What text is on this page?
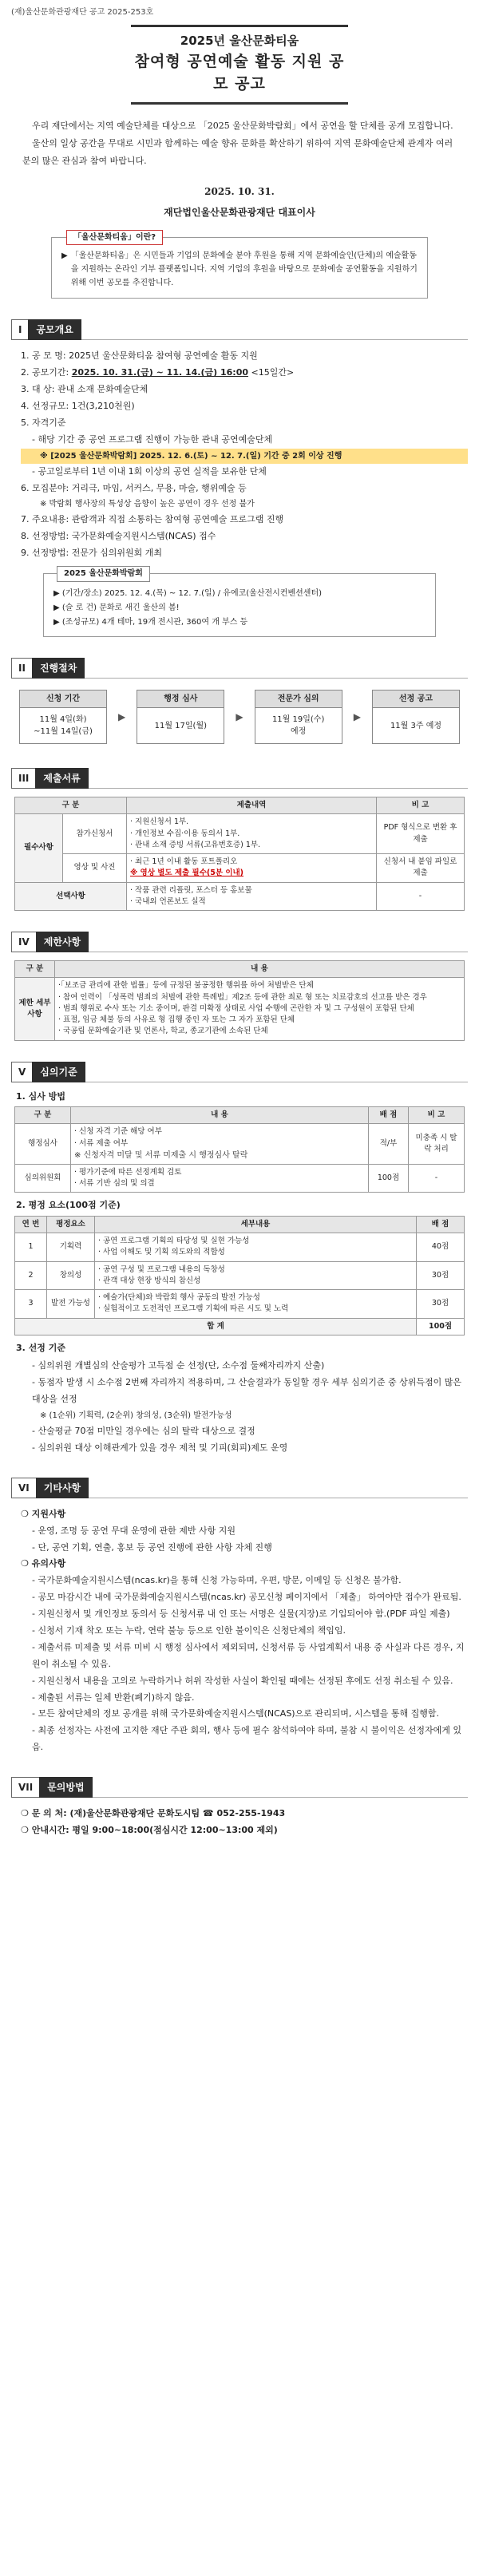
(재)울산문화관광재단 공고 2025-253호
2025년 울산문화티움
참여형 공연예술 활동 지원 공모 공고

우리 재단에서는 지역 예술단체를 대상으로 「2025 울산문화박람회」에서 공연을 할 단체를 공개 모집합니다.

울산의 일상 공간을 무대로 시민과 함께하는 예술 향유 문화를 확산하기 위하여 지역 문화예술단체 관계자 여러분의 많은 관심과 참여 바랍니다.

2025. 10. 31.
재단법인울산문화관광재단 대표이사
「울산문화티움」이란?
▶ 「울산문화티움」은 시민들과 기업의 문화예술 분야 후원을 통해 지역 문화예술인(단체)의 예술활동을 지원하는 온라인 기부 플랫폼입니다. 지역 기업의 후원을 바탕으로 문화예술 공연활동을 지원하기 위해 이번 공모를 추진합니다.
I	공모개요
1. 공 모 명: 2025년 울산문화티움 참여형 공연예술 활동 지원
2. 공모기간: 2025. 10. 31.(금) ~ 11. 14.(금) 16:00 <15일간>
3. 대 상: 관내 소재 문화예술단체
4. 선정규모: 1건(3,210천원)
5. 자격기준
- 해당 기간 중 공연 프로그램 진행이 가능한 관내 공연예술단체
※ [2025 울산문화박람회] 2025. 12. 6.(토) ~ 12. 7.(일) 기간 중 2회 이상 진행
- 공고일로부터 1년 이내 1회 이상의 공연 실적을 보유한 단체
6. 모집분야: 거리극, 마임, 서커스, 무용, 마술, 행위예술 등
※ 박람회 행사장의 특성상 음향이 높은 공연이 경우 선정 불가
7. 주요내용: 관람객과 직접 소통하는 참여형 공연예술 프로그램 진행
8. 선정방법: 국가문화예술지원시스템(NCAS) 접수
9. 선정방법: 전문가 심의위원회 개최
2025 울산문화박람회
▶ (기간/장소) 2025. 12. 4.(목) ~ 12. 7.(일) / 유에코(울산전시컨벤션센터)
▶ (슬 로 건) 문화로 새긴 울산의 봄!
▶ (조성규모) 4개 테마, 19개 전시관, 360여 개 부스 등
II	진행절차
신청 기간
11월 4일(화)
~11월 14일(금)
▶
행정 심사
11월 17일(월)
▶
전문가 심의
11월 19일(수)
예정
▶
선정 공고
11월 3주 예정
III	제출서류
구 분		제출내역	비 고
필수사항	참가신청서	· 지원신청서 1부.
· 개인정보 수집·이용 동의서 1부.
· 관내 소재 증빙 서류(고유번호증) 1부.	PDF 형식으로 변환 후 제출
	영상 및 사진	· 최근 1년 이내 활동 포트폴리오
※ 영상 별도 제출 필수(5분 이내)	신청서 내 붙임 파일로 제출
선택사항		· 작품 관련 리플릿, 포스터 등 홍보물
· 국내외 언론보도 실적	-
IV	제한사항
구 분	내 용
제한 세부 사항	·「보조금 관리에 관한 법률」등에 규정된 불공정한 행위를 하여 처벌받은 단체
· 참여 인력이 「성폭력 범죄의 처벌에 관한 특례법」제2조 등에 관한 죄로 형 또는 치료감호의 선고를 받은 경우
· 범죄 행위로 수사 또는 기소 중이며, 판결 미확정 상태로 사업 수행에 곤란한 자 및 그 구성원이 포함된 단체
· 표절, 임금 체불 등의 사유로 형 집행 중인 자 또는 그 자가 포함된 단체
· 국공립 문화예술기관 및 언론사, 학교, 종교기관에 소속된 단체
V	심의기준
1. 심사 방법
구 분	내 용	배 점	비 고
행정심사	· 신청 자격 기준 해당 여부
· 서류 제출 여부
※ 신청자격 미달 및 서류 미제출 시 행정심사 탈락	적/부	미충족 시 탈락 처리
심의위원회	· 평가기준에 따른 선정계획 검토
· 서류 기반 심의 및 의결	100점	-
2. 평정 요소(100점 기준)
연 번	평정요소	세부내용	배 점
1	기획력	· 공연 프로그램 기획의 타당성 및 실현 가능성
· 사업 이해도 및 기획 의도와의 적합성	40점
2	창의성	· 공연 구성 및 프로그램 내용의 독창성
· 관객 대상 현장 방식의 참신성	30점
3	발전 가능성	· 예술가(단체)와 박람회 행사 공동의 발전 가능성
· 실험적이고 도전적인 프로그램 기획에 따른 시도 및 노력	30점
합 계			100점
3. 선정 기준
- 심의위원 개별심의 산술평가 고득점 순 선정(단, 소수점 둘째자리까지 산출)
- 동점자 발생 시 소수점 2번째 자리까지 적용하며, 그 산술결과가 동일할 경우 세부 심의기준 중 상위득점이 많은 대상을 선정
※ (1순위) 기획력, (2순위) 창의성, (3순위) 발전가능성
- 산술평균 70점 미만일 경우에는 심의 탈락 대상으로 결정
- 심의위원 대상 이해관계가 있을 경우 제척 및 기피(회피)제도 운영
VI	기타사항
❍ 지원사항
- 운영, 조명 등 공연 무대 운영에 관한 제반 사항 지원
- 단, 공연 기획, 연출, 홍보 등 공연 진행에 관한 사항 자체 진행
❍ 유의사항
- 국가문화예술지원시스템(ncas.kr)을 통해 신청 가능하며, 우편, 방문, 이메일 등 신청은 불가함.
- 공모 마감시간 내에 국가문화예술지원시스템(ncas.kr) 공모신청 페이지에서 「제출」 하여야만 접수가 완료됨.
- 지원신청서 및 개인정보 동의서 등 신청서류 내 인 또는 서명은 실물(지장)로 기입되어야 함.(PDF 파일 제출)
- 신청서 기재 착오 또는 누락, 연락 불능 등으로 인한 불이익은 신청단체의 책임임.
- 제출서류 미제출 및 서류 미비 시 행정 심사에서 제외되며, 신청서류 등 사업계획서 내용 중 사실과 다른 경우, 지원이 취소될 수 있음.
- 지원신청서 내용을 고의로 누락하거나 허위 작성한 사실이 확인될 때에는 선정된 후에도 선정 취소될 수 있음.
- 제출된 서류는 일체 반환(폐기)하지 않음.
- 모든 참여단체의 정보 공개를 위해 국가문화예술지원시스템(NCAS)으로 관리되며, 시스템을 통해 집행함.
- 최종 선정자는 사전에 고지한 재단 주관 회의, 행사 등에 필수 참석하여야 하며, 불참 시 불이익은 선정자에게 있음.
VII	문의방법
❍ 문 의 처: (재)울산문화관광재단 문화도시팀 ☎ 052-255-1943
❍ 안내시간: 평일 9:00~18:00(점심시간 12:00~13:00 제외)
